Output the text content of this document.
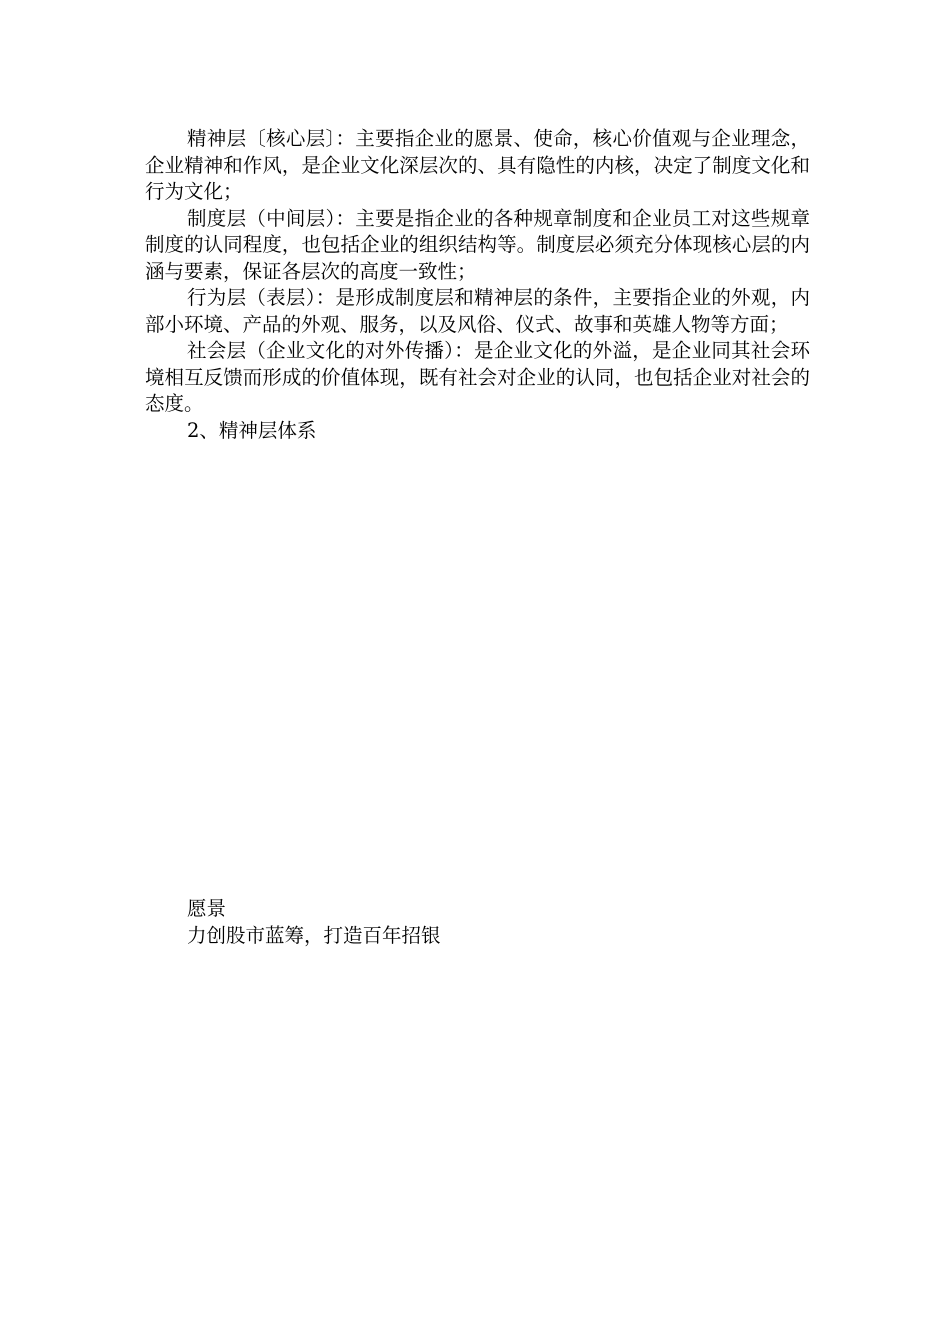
精神层〔核心层〕：主要指企业的愿景、使命，核心价值观与企业理念，企业精神和作风，是企业文化深层次的、具有隐性的内核，决定了制度文化和行为文化；

制度层（中间层）：主要是指企业的各种规章制度和企业员工对这些规章制度的认同程度，也包括企业的组织结构等。制度层必须充分体现核心层的内涵与要素，保证各层次的高度一致性；

行为层（表层）：是形成制度层和精神层的条件，主要指企业的外观，内部小环境、产品的外观、服务，以及风俗、仪式、故事和英雄人物等方面；

社会层（企业文化的对外传播）：是企业文化的外溢，是企业同其社会环境相互反馈而形成的价值体现，既有社会对企业的认同，也包括企业对社会的态度。

2、精神层体系

愿景

力创股市蓝筹，打造百年招银
